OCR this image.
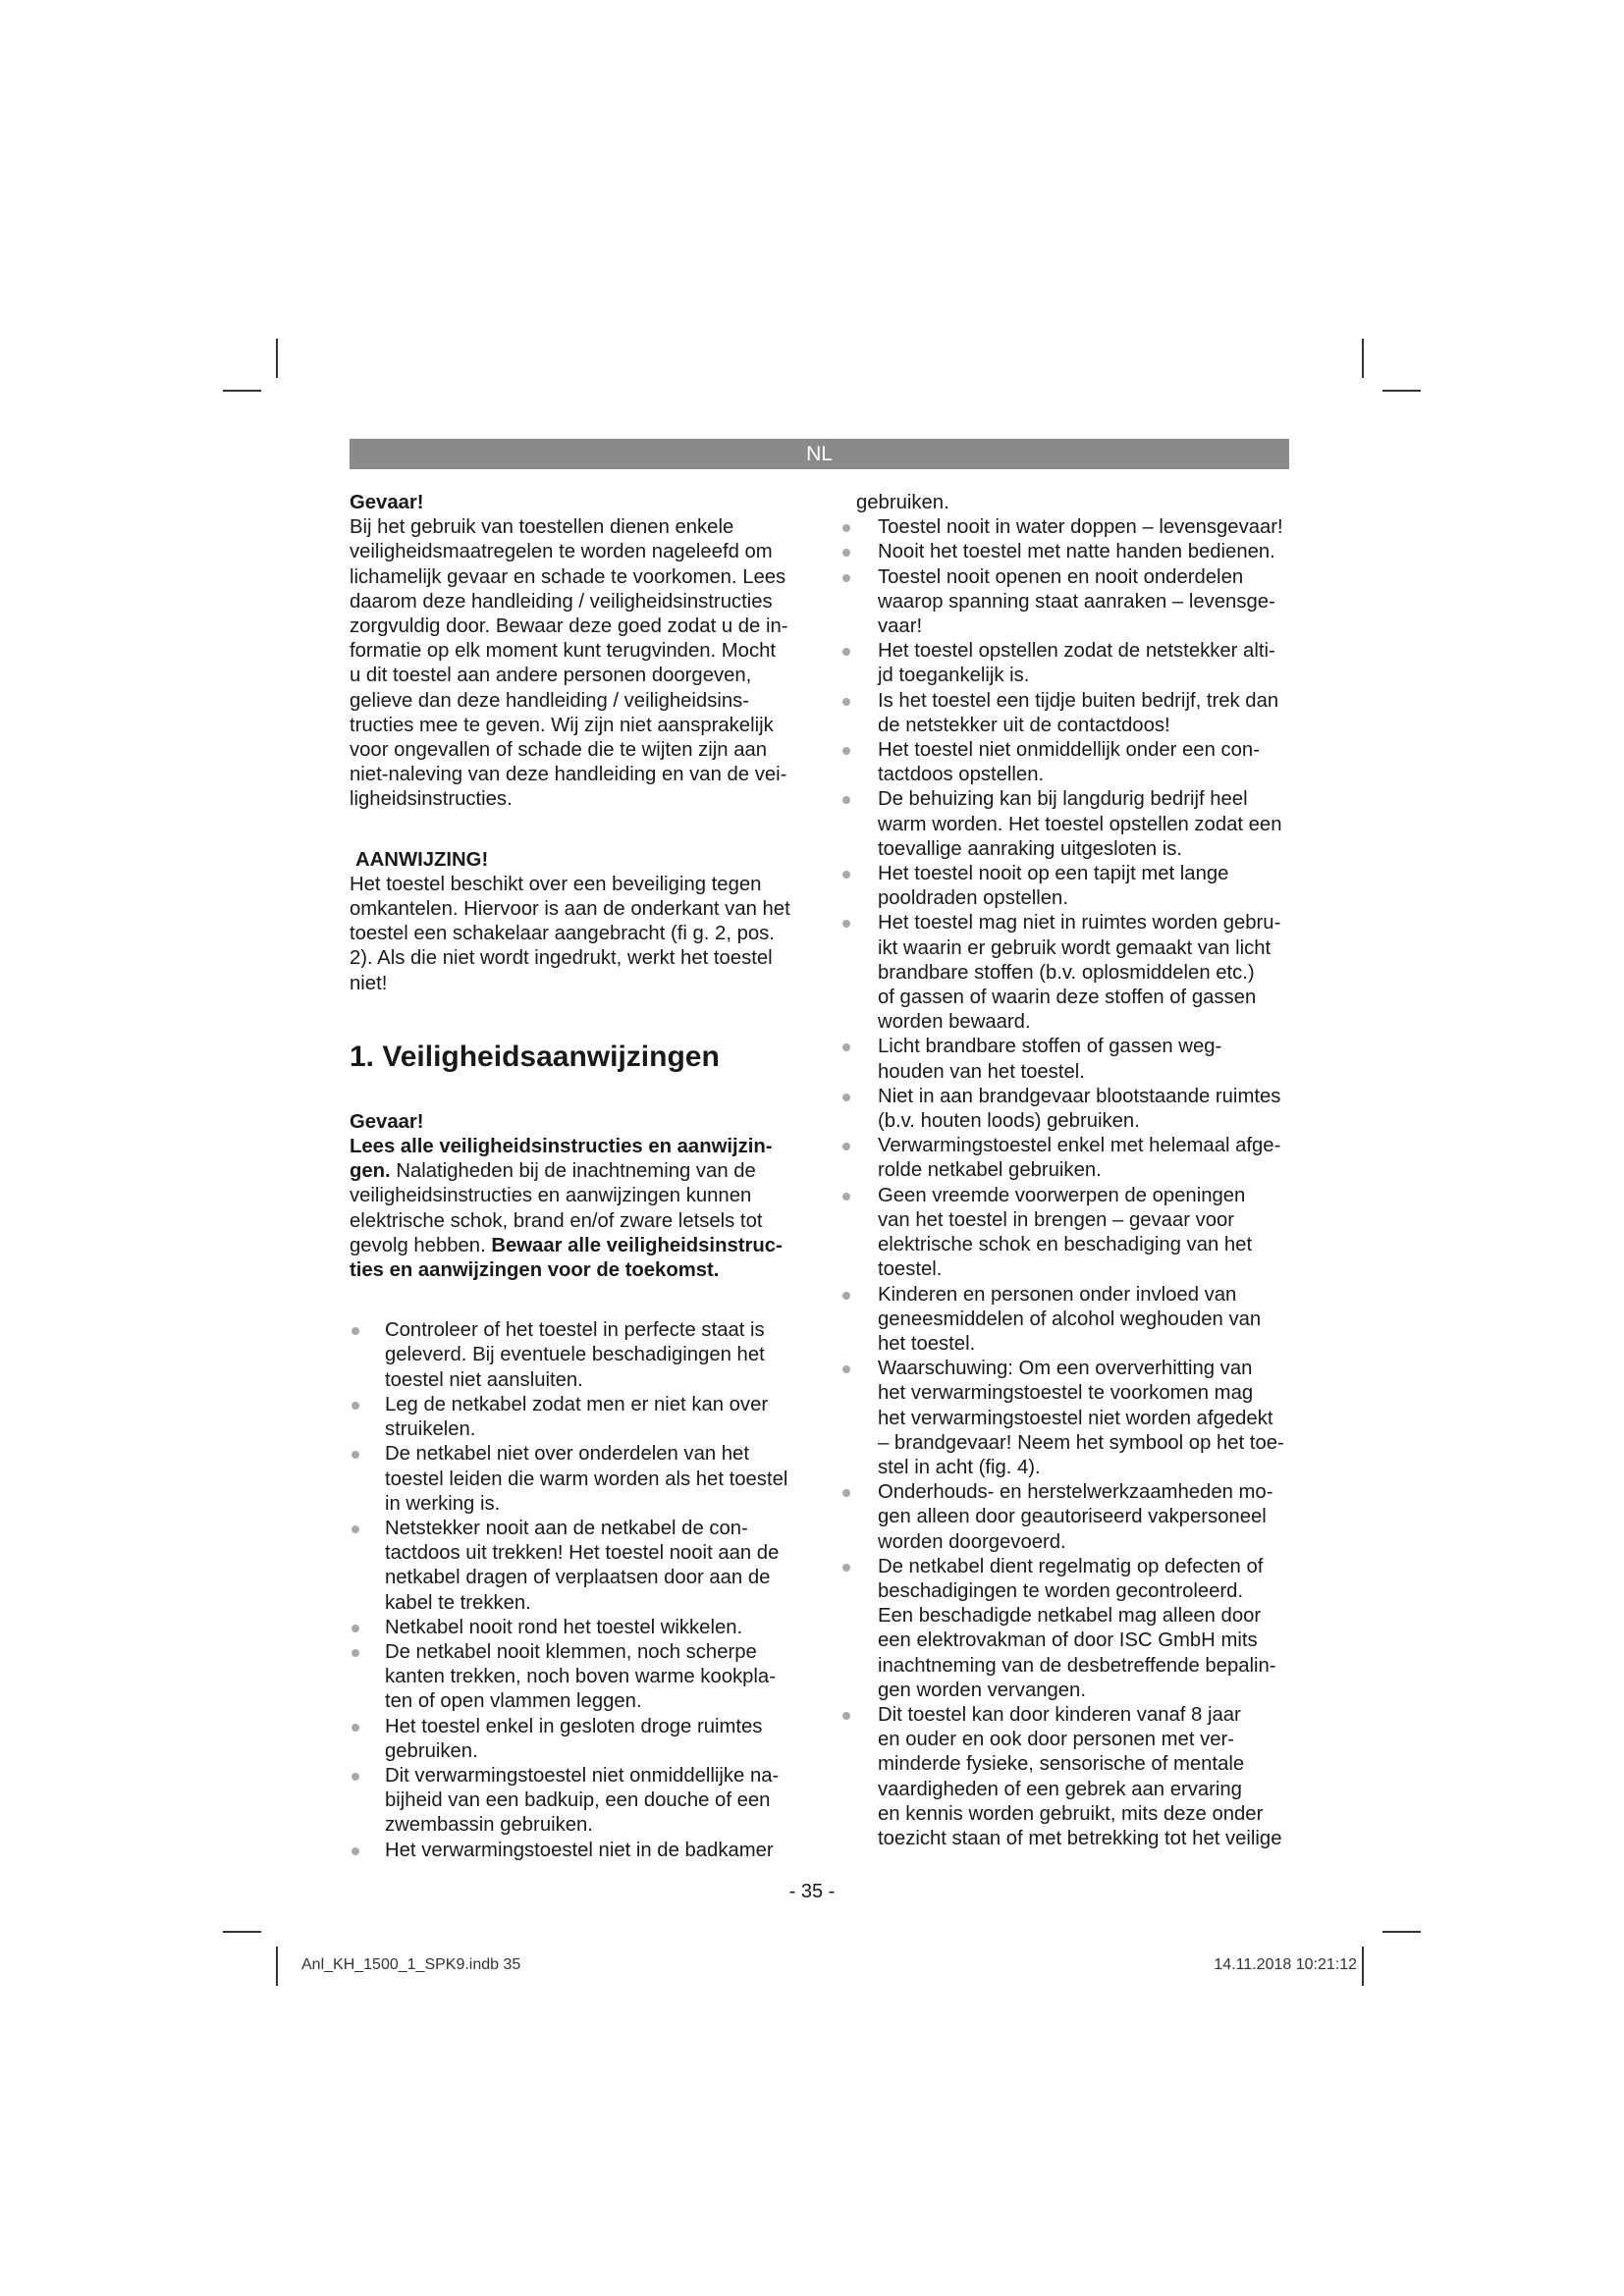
NL

Gevaar!

Bij het gebruik van toestellen dienen enkele
veiligheidsmaatregelen te worden nageleefd om
lichamelijk gevaar en schade te voorkomen. Lees
daarom deze handleiding / veiligheidsinstructies
zorgvuldig door. Bewaar deze goed zodat u de in-
formatie op elk moment kunt terugvinden. Mocht
u dit toestel aan andere personen doorgeven,
gelieve dan deze handleiding / veiligheidsins-
tructies mee te geven. Wij zijn niet aansprakelijk
voor ongevallen of schade die te wijten zijn aan
niet-naleving van deze handleiding en van de vei-
ligheidsinstructies.

AANWIJZING!

Het toestel beschikt over een beveiliging tegen
omkantelen. Hiervoor is aan de onderkant van het
toestel een schakelaar aangebracht (fi g. 2, pos.
2). Als die niet wordt ingedrukt, werkt het toestel
niet!

1. Veiligheidsaanwijzingen

Gevaar!

Lees alle veiligheidsinstructies en aanwijzin-
gen. Nalatigheden bij de inachtneming van de
veiligheidsinstructies en aanwijzingen kunnen
elektrische schok, brand en/of zware letsels tot
gevolg hebben. Bewaar alle veiligheidsinstruc-
ties en aanwijzingen voor de toekomst.

Controleer of het toestel in perfecte staat is
geleverd. Bij eventuele beschadigingen het
toestel niet aansluiten.
Leg de netkabel zodat men er niet kan over
struikelen.
De netkabel niet over onderdelen van het
toestel leiden die warm worden als het toestel
in werking is.
Netstekker nooit aan de netkabel de con-
tactdoos uit trekken! Het toestel nooit aan de
netkabel dragen of verplaatsen door aan de
kabel te trekken.
Netkabel nooit rond het toestel wikkelen.
De netkabel nooit klemmen, noch scherpe
kanten trekken, noch boven warme kookpla-
ten of open vlammen leggen.
Het toestel enkel in gesloten droge ruimtes
gebruiken.
Dit verwarmingstoestel niet onmiddellijke na-
bijheid van een badkuip, een douche of een
zwembassin gebruiken.
Het verwarmingstoestel niet in de badkamer

gebruiken.

Toestel nooit in water doppen – levensgevaar!
Nooit het toestel met natte handen bedienen.
Toestel nooit openen en nooit onderdelen
waarop spanning staat aanraken – levensge-
vaar!
Het toestel opstellen zodat de netstekker alti-
jd toegankelijk is.
Is het toestel een tijdje buiten bedrijf, trek dan
de netstekker uit de contactdoos!
Het toestel niet onmiddellijk onder een con-
tactdoos opstellen.
De behuizing kan bij langdurig bedrijf heel
warm worden. Het toestel opstellen zodat een
toevallige aanraking uitgesloten is.
Het toestel nooit op een tapijt met lange
pooldraden opstellen.
Het toestel mag niet in ruimtes worden gebru-
ikt waarin er gebruik wordt gemaakt van licht
brandbare stoffen (b.v. oplosmiddelen etc.)
of gassen of waarin deze stoffen of gassen
worden bewaard.
Licht brandbare stoffen of gassen weg-
houden van het toestel.
Niet in aan brandgevaar blootstaande ruimtes
(b.v. houten loods) gebruiken.
Verwarmingstoestel enkel met helemaal afge-
rolde netkabel gebruiken.
Geen vreemde voorwerpen de openingen
van het toestel in brengen – gevaar voor
elektrische schok en beschadiging van het
toestel.
Kinderen en personen onder invloed van
geneesmiddelen of alcohol weghouden van
het toestel.
Waarschuwing: Om een oververhitting van
het verwarmingstoestel te voorkomen mag
het verwarmingstoestel niet worden afgedekt
– brandgevaar! Neem het symbool op het toe-
stel in acht (fig. 4).
Onderhouds- en herstelwerkzaamheden mo-
gen alleen door geautoriseerd vakpersoneel
worden doorgevoerd.
De netkabel dient regelmatig op defecten of
beschadigingen te worden gecontroleerd.
Een beschadigde netkabel mag alleen door
een elektrovakman of door ISC GmbH mits
inachtneming van de desbetreffende bepalin-
gen worden vervangen.
Dit toestel kan door kinderen vanaf 8 jaar
en ouder en ook door personen met ver-
minderde fysieke, sensorische of mentale
vaardigheden of een gebrek aan ervaring
en kennis worden gebruikt, mits deze onder
toezicht staan of met betrekking tot het veilige
- 35 -
Anl_KH_1500_1_SPK9.indb 35	14.11.2018 10:21:12
